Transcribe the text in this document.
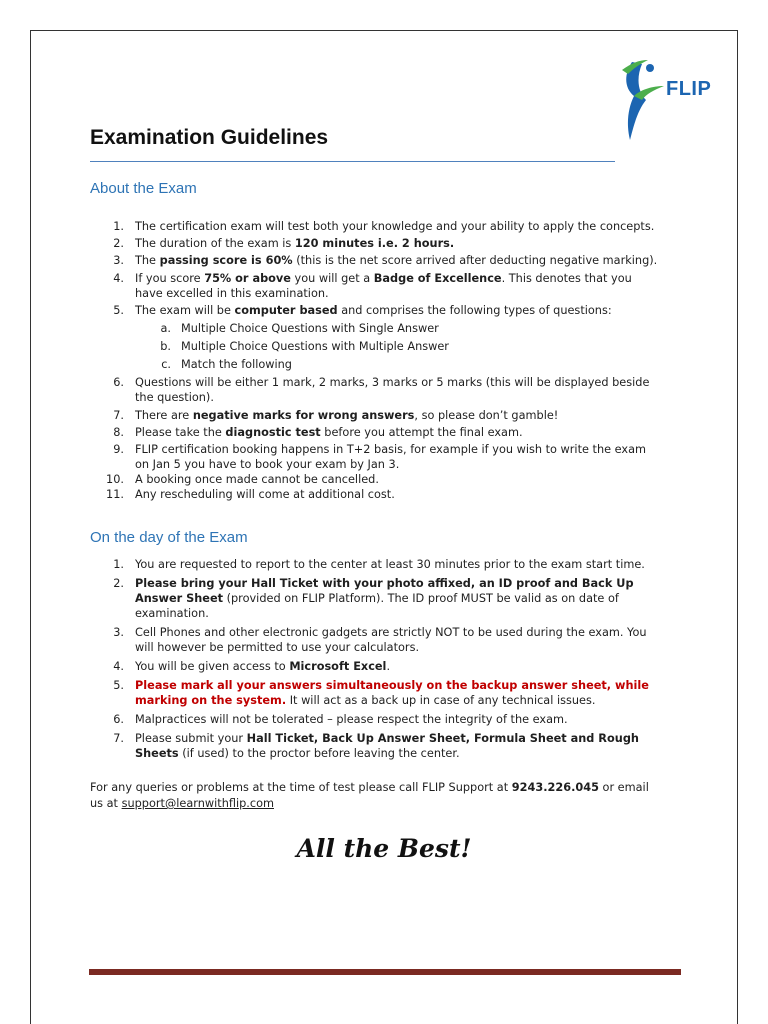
FLIP
Examination Guidelines
About the Exam
1. The certification exam will test both your knowledge and your ability to apply the concepts.
2. The duration of the exam is 120 minutes i.e. 2 hours.
3. The passing score is 60% (this is the net score arrived after deducting negative marking).
4. If you score 75% or above you will get a Badge of Excellence. This denotes that you have excelled in this examination.
5. The exam will be computer based and comprises the following types of questions:
a. Multiple Choice Questions with Single Answer
b. Multiple Choice Questions with Multiple Answer
c. Match the following
6. Questions will be either 1 mark, 2 marks, 3 marks or 5 marks (this will be displayed beside the question).
7. There are negative marks for wrong answers, so please don’t gamble!
8. Please take the diagnostic test before you attempt the final exam.
9. FLIP certification booking happens in T+2 basis, for example if you wish to write the exam on Jan 5 you have to book your exam by Jan 3.
10. A booking once made cannot be cancelled.
11. Any rescheduling will come at additional cost.
On the day of the Exam
1. You are requested to report to the center at least 30 minutes prior to the exam start time.
2. Please bring your Hall Ticket with your photo affixed, an ID proof and Back Up Answer Sheet (provided on FLIP Platform). The ID proof MUST be valid as on date of examination.
3. Cell Phones and other electronic gadgets are strictly NOT to be used during the exam. You will however be permitted to use your calculators.
4. You will be given access to Microsoft Excel.
5. Please mark all your answers simultaneously on the backup answer sheet, while marking on the system. It will act as a back up in case of any technical issues.
6. Malpractices will not be tolerated – please respect the integrity of the exam.
7. Please submit your Hall Ticket, Back Up Answer Sheet, Formula Sheet and Rough Sheets (if used) to the proctor before leaving the center.

For any queries or problems at the time of test please call FLIP Support at 9243.226.045 or email us at support@learnwithflip.com

All the Best!
